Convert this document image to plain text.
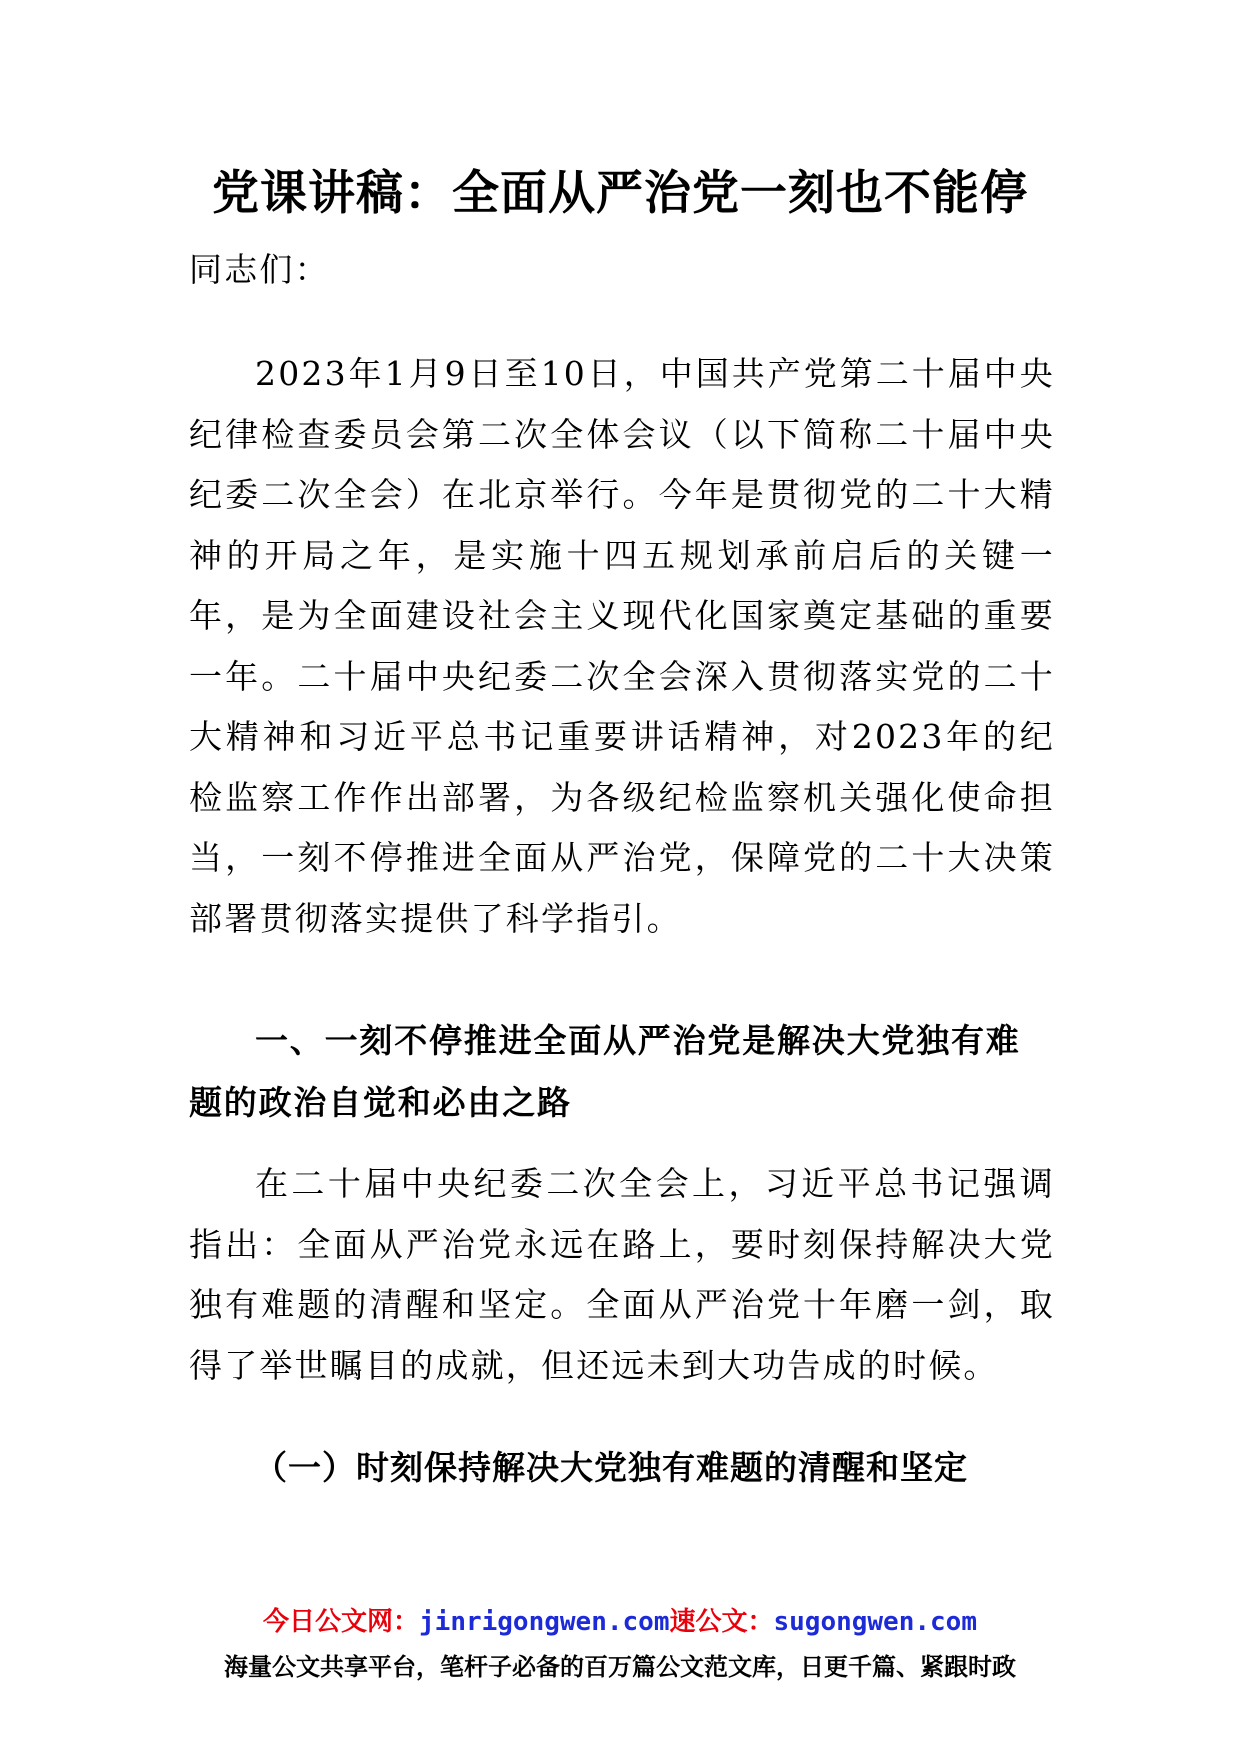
党课讲稿：全面从严治党一刻也不能停
同志们：
2023年1月9日至10日，中国共产党第二十届中央纪律检查委员会第二次全体会议（以下简称二十届中央纪委二次全会）在北京举行。今年是贯彻党的二十大精神的开局之年，是实施十四五规划承前启后的关键一年，是为全面建设社会主义现代化国家奠定基础的重要一年。二十届中央纪委二次全会深入贯彻落实党的二十大精神和习近平总书记重要讲话精神，对2023年的纪检监察工作作出部署，为各级纪检监察机关强化使命担当，一刻不停推进全面从严治党，保障党的二十大决策部署贯彻落实提供了科学指引。
一、一刻不停推进全面从严治党是解决大党独有难题的政治自觉和必由之路
在二十届中央纪委二次全会上，习近平总书记强调指出：全面从严治党永远在路上，要时刻保持解决大党独有难题的清醒和坚定。全面从严治党十年磨一剑，取得了举世瞩目的成就，但还远未到大功告成的时候。
（一）时刻保持解决大党独有难题的清醒和坚定
今日公文网：jinrigongwen.com速公文：sugongwen.com
海量公文共享平台，笔杆子必备的百万篇公文范文库，日更千篇、紧跟时政
